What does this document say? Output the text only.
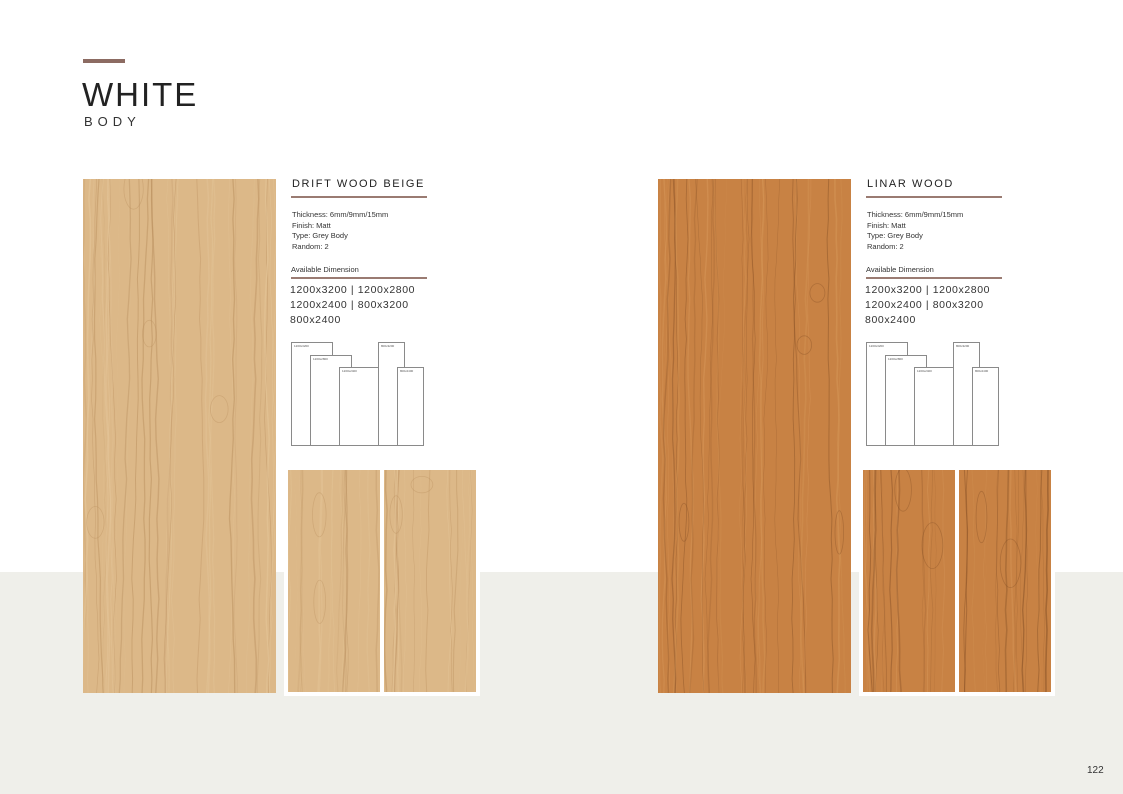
WHITE
BODY
DRIFT WOOD BEIGE
Thickness: 6mm/9mm/15mm
Finish: Matt
Type: Grey Body
Random: 2
Available Dimension
1200x3200 | 1200x2800
1200x2400 | 800x3200
800x2400
1200x3200
1200x2800
1200x2400
800x3200
800x2400
LINAR WOOD
Thickness: 6mm/9mm/15mm
Finish: Matt
Type: Grey Body
Random: 2
Available Dimension
1200x3200 | 1200x2800
1200x2400 | 800x3200
800x2400
1200x3200
1200x2800
1200x2400
800x3200
800x2400
122
